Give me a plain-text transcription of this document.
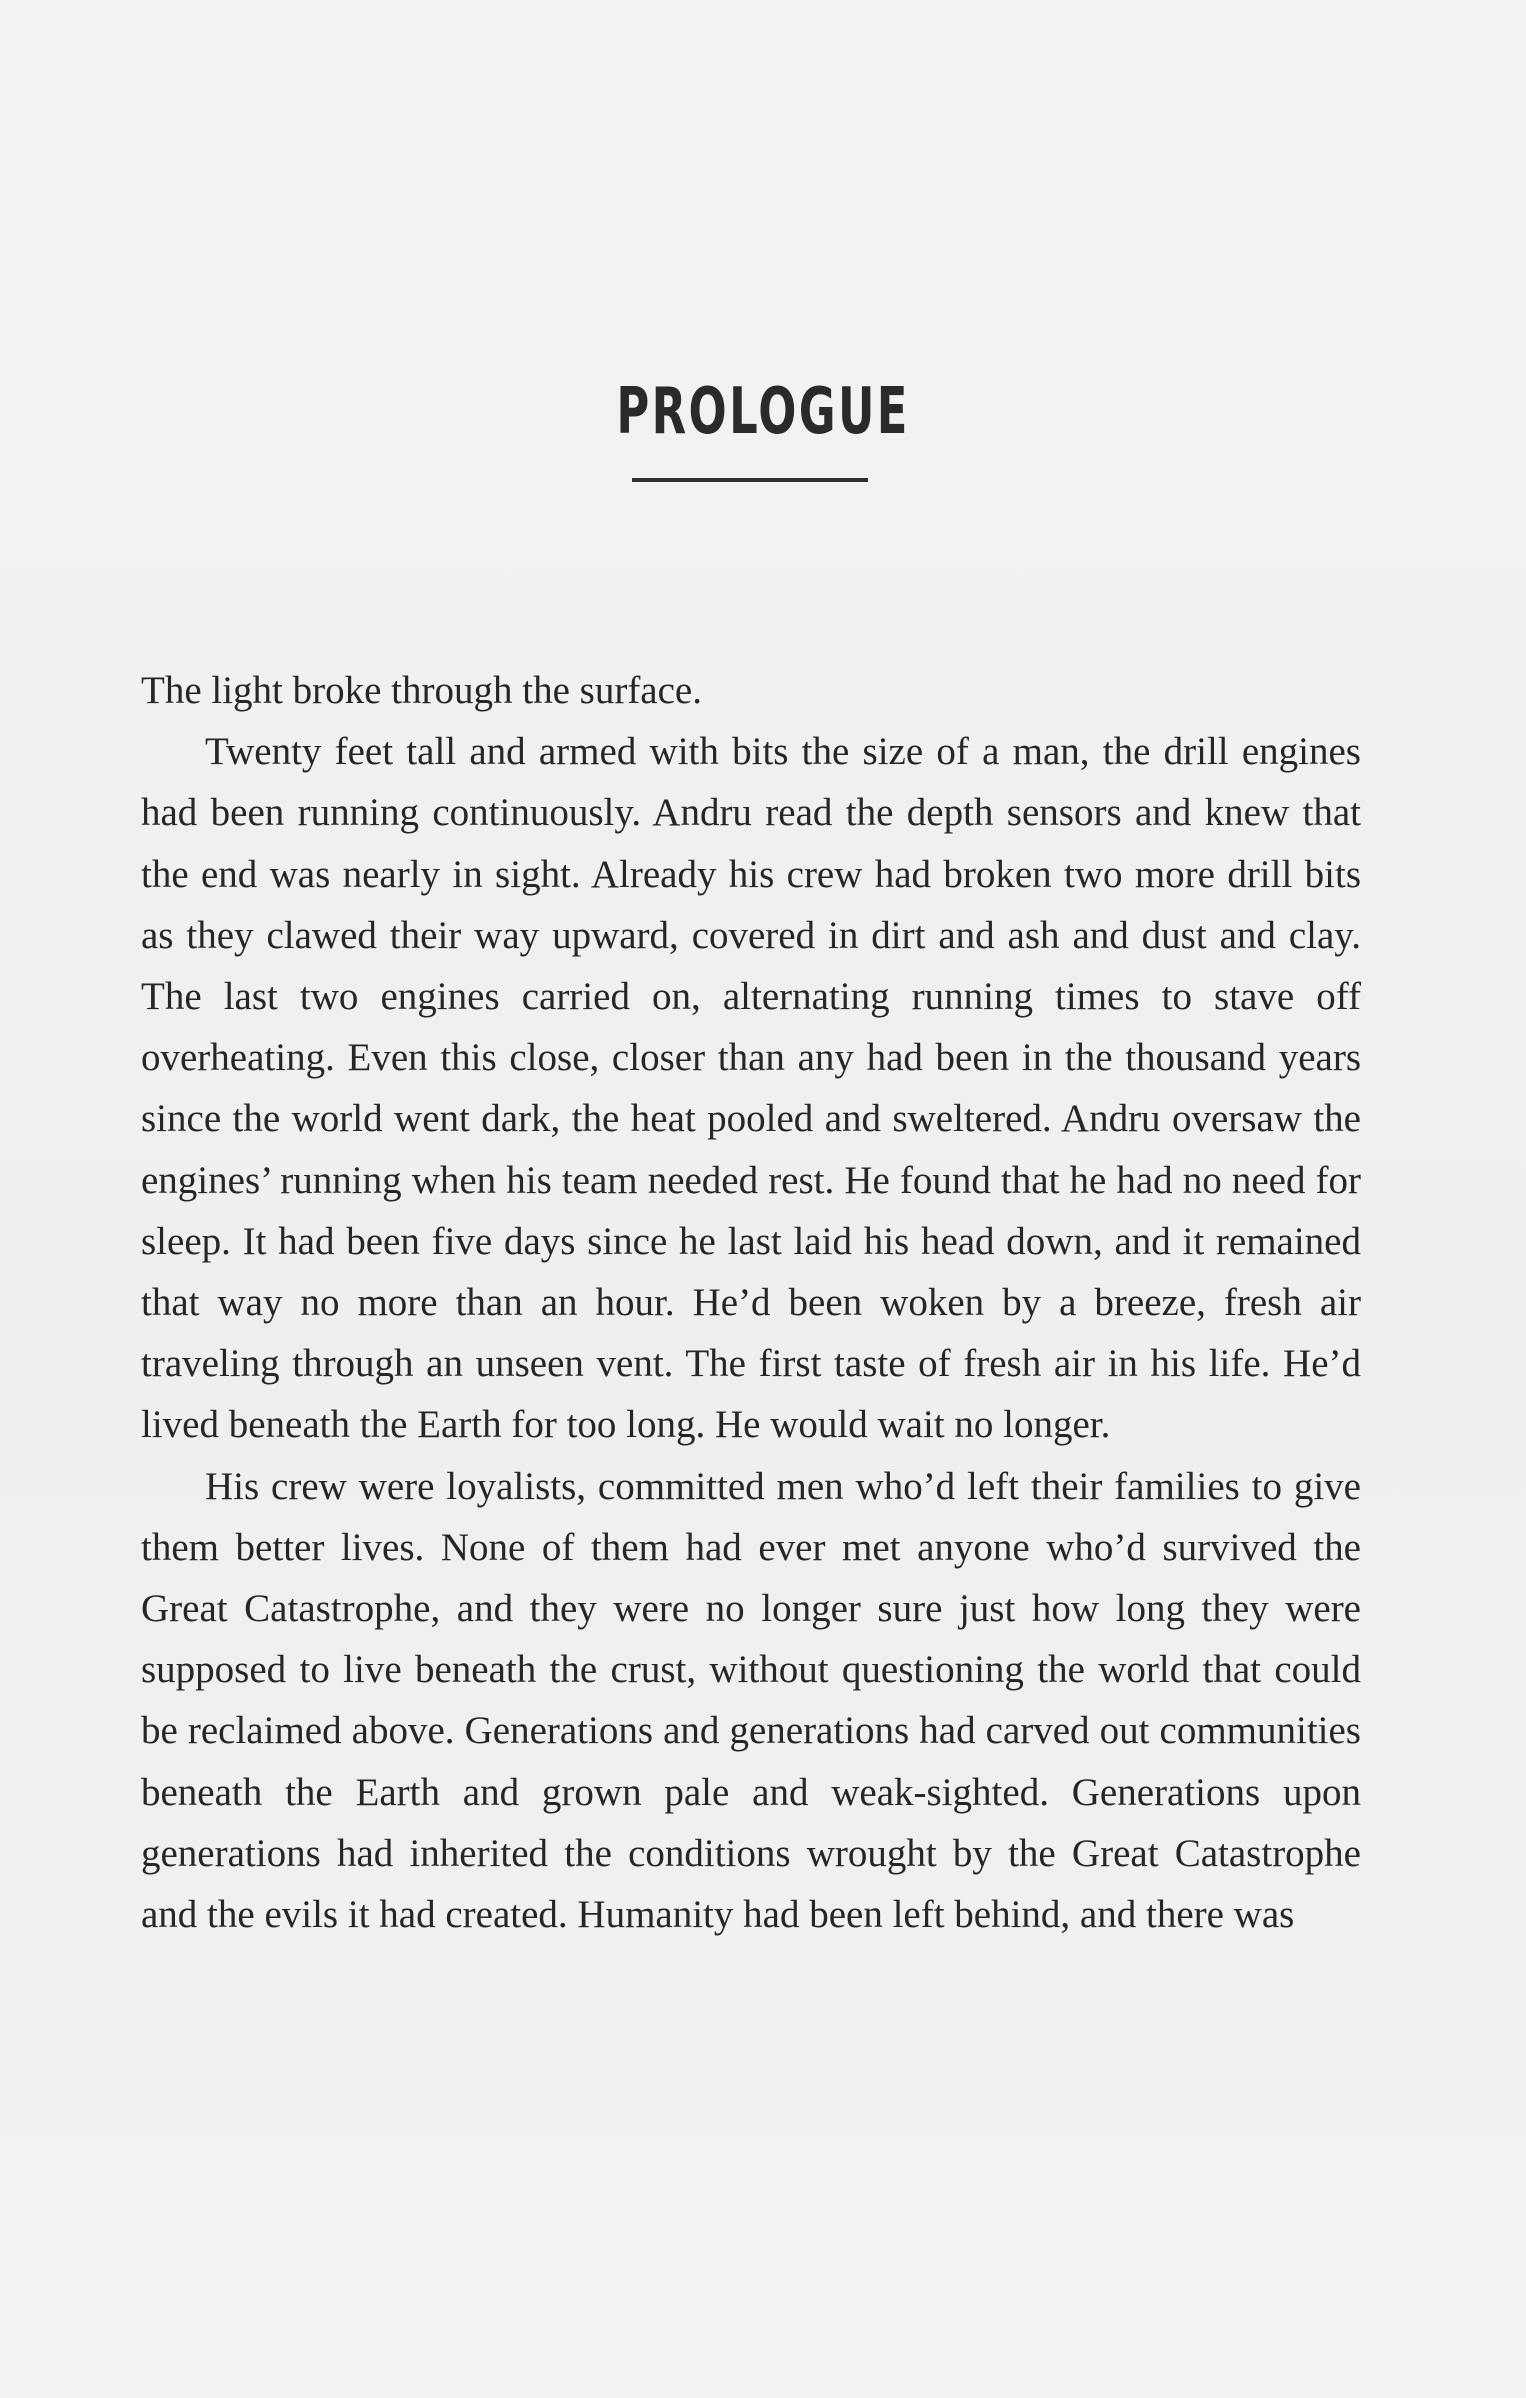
PROLOGUE

The light broke through the surface.

Twenty feet tall and armed with bits the size of a man, the drill engines had been running continuously. Andru read the depth sensors and knew that the end was nearly in sight. Already his crew had broken two more drill bits as they clawed their way upward, covered in dirt and ash and dust and clay. The last two engines carried on, alternating running times to stave off overheating. Even this close, closer than any had been in the thousand years since the world went dark, the heat pooled and sweltered. Andru oversaw the engines’ running when his team needed rest. He found that he had no need for sleep. It had been five days since he last laid his head down, and it remained that way no more than an hour. He’d been woken by a breeze, fresh air traveling through an unseen vent. The first taste of fresh air in his life. He’d lived beneath the Earth for too long. He would wait no longer.

His crew were loyalists, committed men who’d left their families to give them better lives. None of them had ever met anyone who’d survived the Great Catastrophe, and they were no longer sure just how long they were supposed to live beneath the crust, without questioning the world that could be reclaimed above. Generations and generations had carved out communities beneath the Earth and grown pale and weak-sighted. Generations upon generations had inherited the conditions wrought by the Great Catastrophe and the evils it had created. Humanity had been left behind, and there was
